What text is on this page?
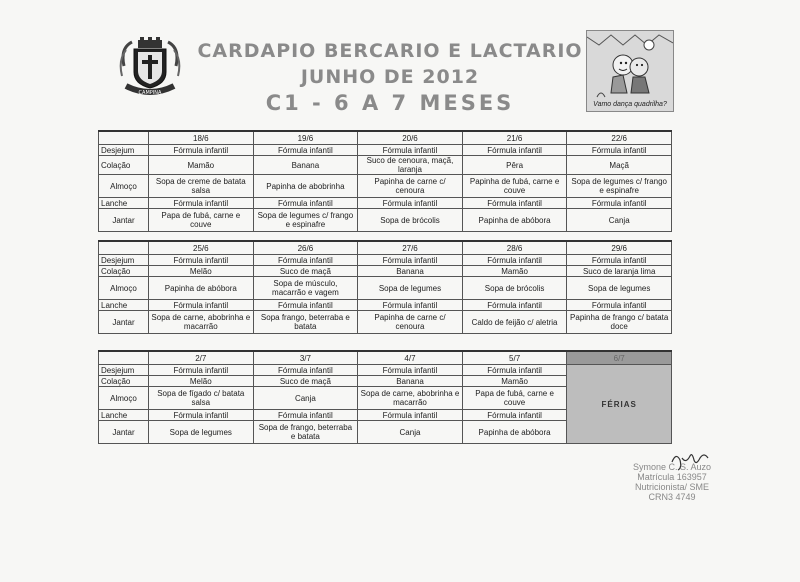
CAMPINA
CARDAPIO BERCARIO E LACTARIO
JUNHO DE 2012
C1 - 6 A 7 MESES	Vamo dança quadrilha?
	18/6	19/6	20/6	21/6	22/6
Desjejum	Fórmula infantil	Fórmula infantil	Fórmula infantil	Fórmula infantil	Fórmula infantil
Colação	Mamão	Banana	Suco de cenoura, maçã, laranja	Pêra	Maçã
Almoço	Sopa de creme de batata salsa	Papinha de abobrinha	Papinha de carne c/ cenoura	Papinha de fubá, carne e couve	Sopa de legumes c/ frango e espinafre
Lanche	Fórmula infantil	Fórmula infantil	Fórmula infantil	Fórmula infantil	Fórmula infantil
Jantar	Papa de fubá, carne e couve	Sopa de legumes c/ frango e espinafre	Sopa de brócolis	Papinha de abóbora	Canja
	25/6	26/6	27/6	28/6	29/6
Desjejum	Fórmula infantil	Fórmula infantil	Fórmula infantil	Fórmula infantil	Fórmula infantil
Colação	Melão	Suco de maçã	Banana	Mamão	Suco de laranja lima
Almoço	Papinha de abóbora	Sopa de músculo, macarrão e vagem	Sopa de legumes	Sopa de brócolis	Sopa de legumes
Lanche	Fórmula infantil	Fórmula infantil	Fórmula infantil	Fórmula infantil	Fórmula infantil
Jantar	Sopa de carne, abobrinha e macarrão	Sopa frango, beterraba e batata	Papinha de carne c/ cenoura	Caldo de feijão c/ aletria	Papinha de frango c/ batata doce
	2/7	3/7	4/7	5/7	6/7
Desjejum	Fórmula infantil	Fórmula infantil	Fórmula infantil	Fórmula infantil	FÉRIAS
Colação	Melão	Suco de maçã	Banana	Mamão	
Almoço	Sopa de fígado c/ batata salsa	Canja	Sopa de carne, abobrinha e macarrão	Papa de fubá, carne e couve	
Lanche	Fórmula infantil	Fórmula infantil	Fórmula infantil	Fórmula infantil	
Jantar	Sopa de legumes	Sopa de frango, beterraba e batata	Canja	Papinha de abóbora	
Symone C. S. Auzo
Matrícula 163957
Nutricionista/ SME
CRN3 4749
